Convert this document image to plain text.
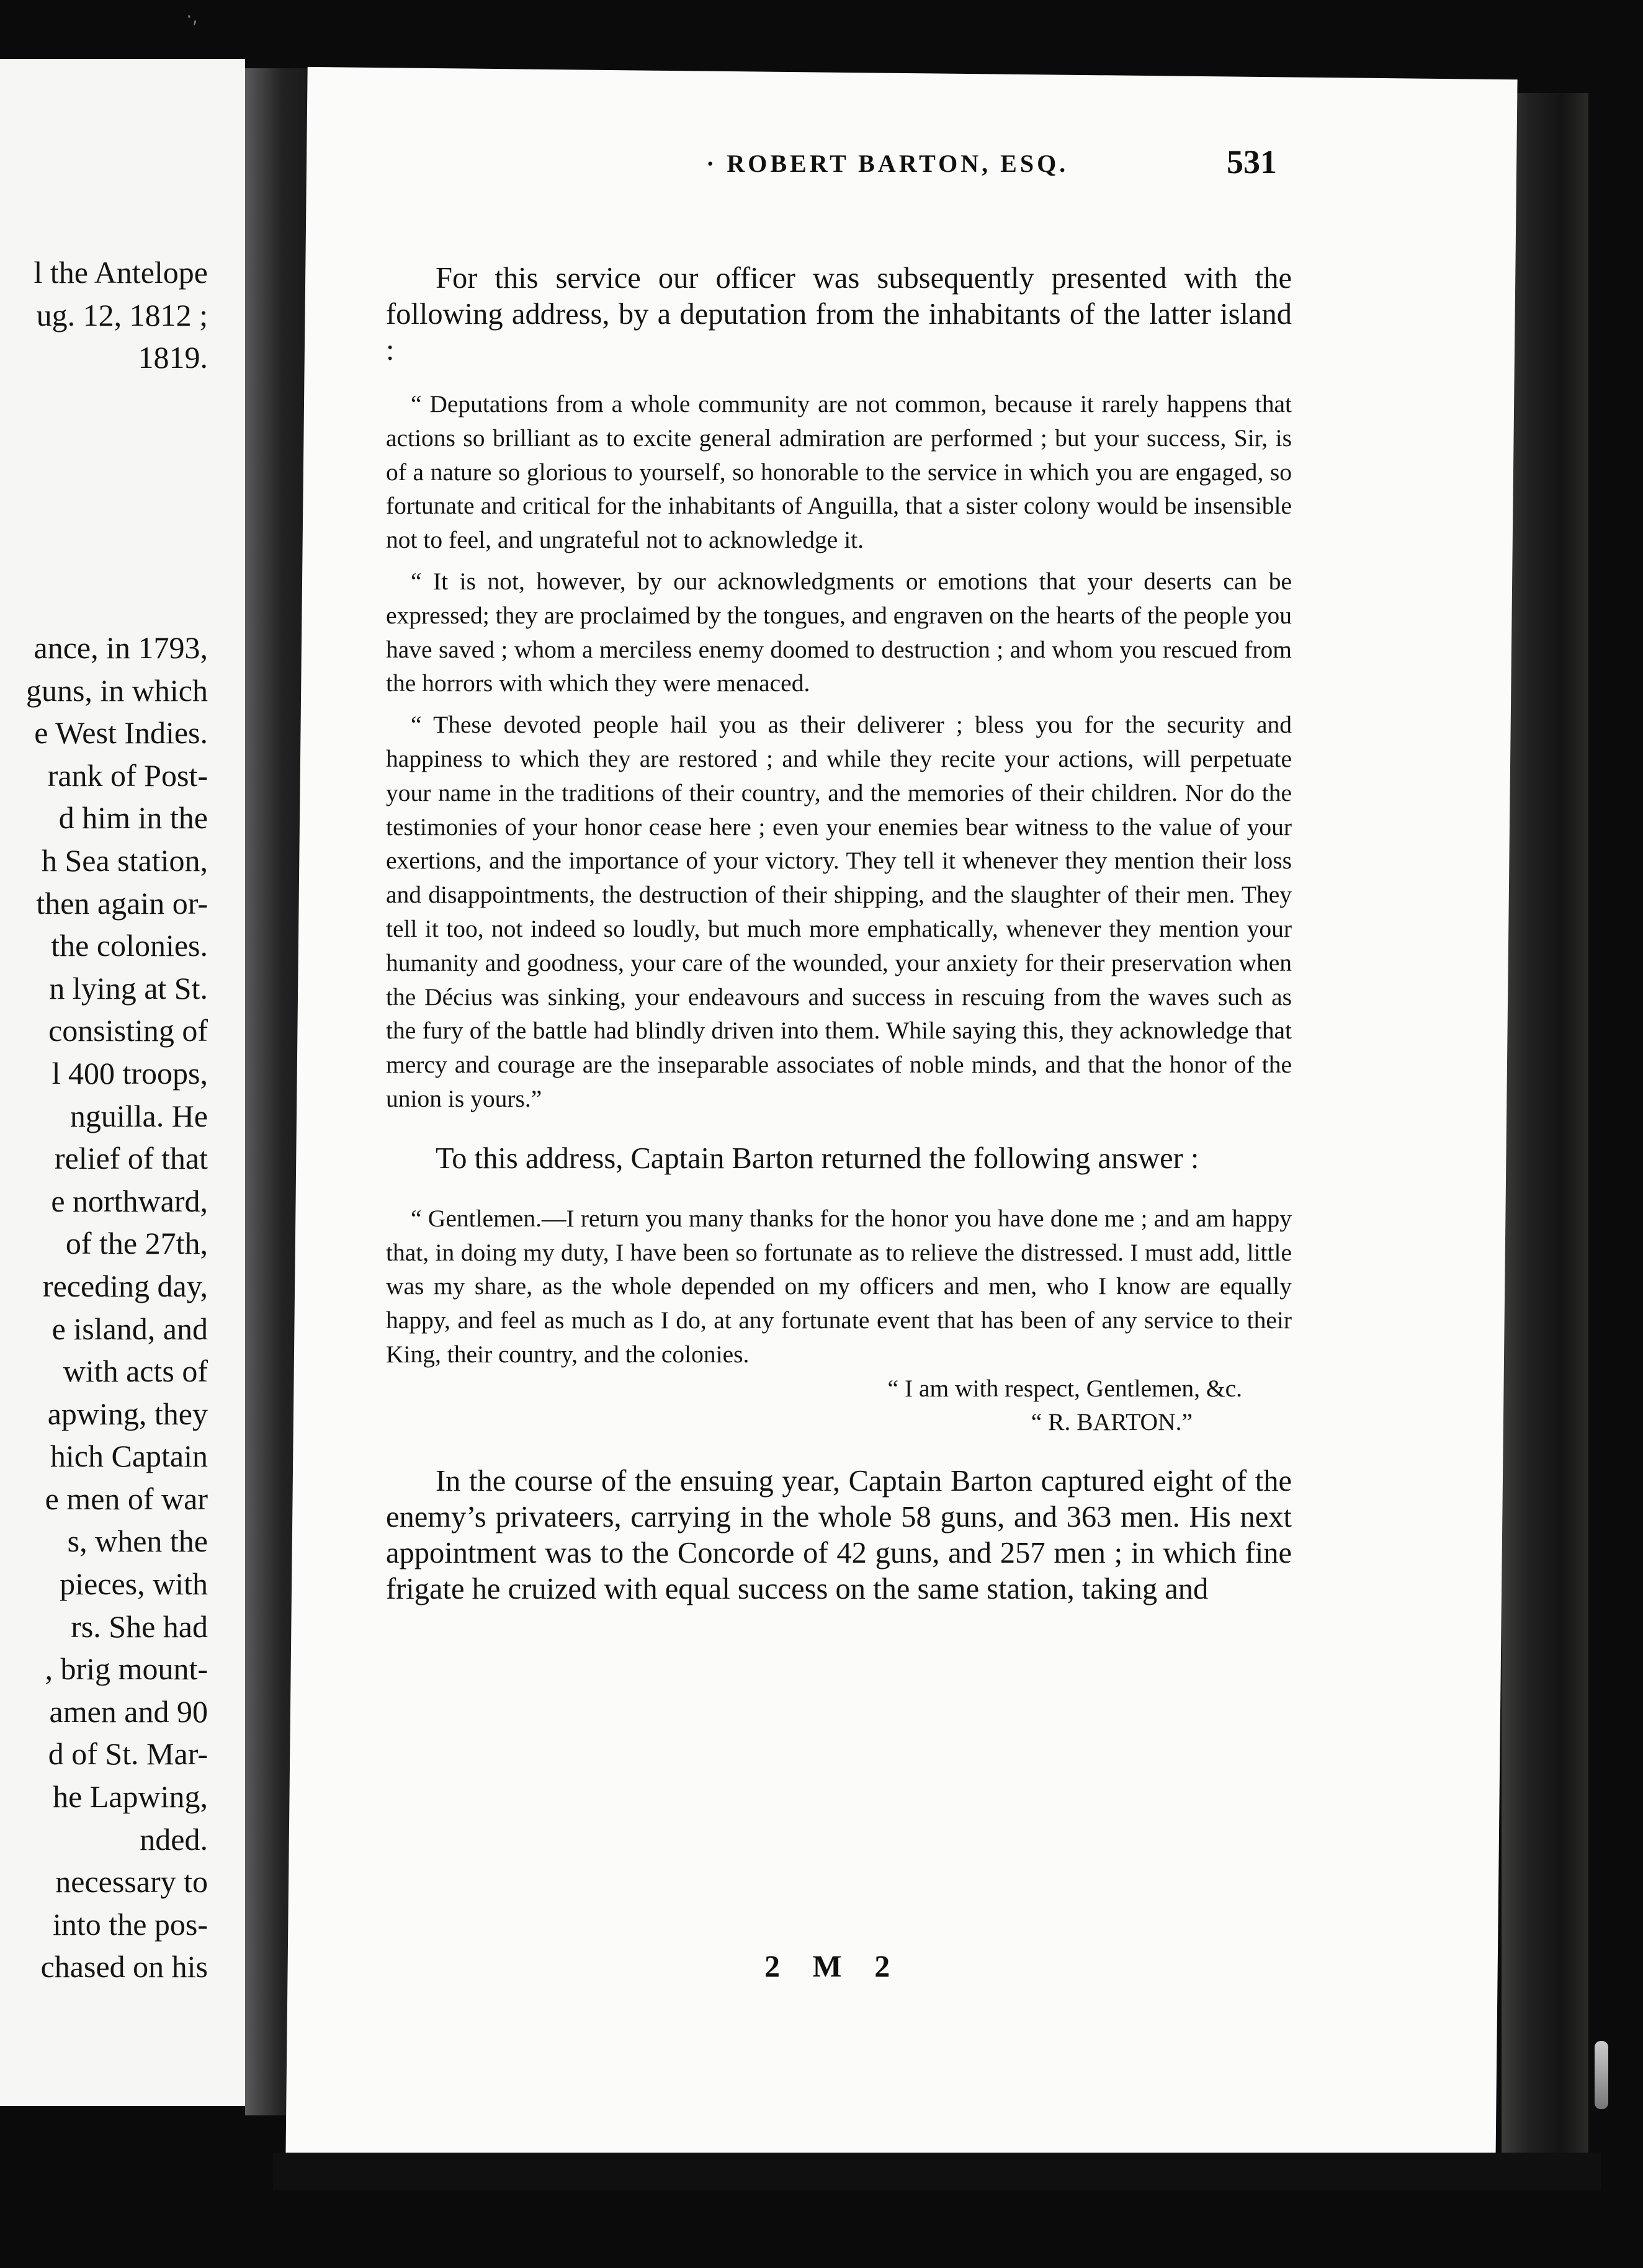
·,
l the Antelope
ug. 12, 1812 ;
1819.
ance, in 1793,
guns, in which
e West Indies.
rank of Post-
d him in the
h Sea station,
then again or-
the colonies.
n lying at St.
consisting of
l 400 troops,
nguilla. He
relief of that
e northward,
of the 27th,
receding day,
e island, and
with acts of
apwing, they
hich Captain
e men of war
s, when the
pieces, with
rs. She had
, brig mount-
amen and 90
d of St. Mar-
he Lapwing,
nded.
necessary to
into the pos-
chased on his
· ROBERT BARTON, ESQ.	531

For this service our officer was subsequently presented with the following address, by a deputation from the inhabitants of the latter island :

“ Deputations from a whole community are not common, because it rarely happens that actions so brilliant as to excite general admiration are performed ; but your success, Sir, is of a nature so glorious to yourself, so honorable to the service in which you are engaged, so fortunate and critical for the inhabitants of Anguilla, that a sister colony would be insensible not to feel, and ungrateful not to acknowledge it.

“ It is not, however, by our acknowledgments or emotions that your deserts can be expressed; they are proclaimed by the tongues, and engraven on the hearts of the people you have saved ; whom a merciless enemy doomed to destruction ; and whom you rescued from the horrors with which they were menaced.

“ These devoted people hail you as their deliverer ; bless you for the security and happiness to which they are restored ; and while they recite your actions, will perpetuate your name in the traditions of their country, and the memories of their children. Nor do the testimonies of your honor cease here ; even your enemies bear witness to the value of your exertions, and the importance of your victory. They tell it whenever they mention their loss and disappointments, the destruction of their shipping, and the slaughter of their men. They tell it too, not indeed so loudly, but much more emphatically, whenever they mention your humanity and goodness, your care of the wounded, your anxiety for their preservation when the Décius was sinking, your endeavours and success in rescuing from the waves such as the fury of the battle had blindly driven into them. While saying this, they acknowledge that mercy and courage are the inseparable associates of noble minds, and that the honor of the union is yours.”

To this address, Captain Barton returned the following answer :

“ Gentlemen.—I return you many thanks for the honor you have done me ; and am happy that, in doing my duty, I have been so fortunate as to relieve the distressed. I must add, little was my share, as the whole depended on my officers and men, who I know are equally happy, and feel as much as I do, at any fortunate event that has been of any service to their King, their country, and the colonies.

“ I am with respect, Gentlemen, &c.

“ R. BARTON.”

In the course of the ensuing year, Captain Barton captured eight of the enemy’s privateers, carrying in the whole 58 guns, and 363 men. His next appointment was to the Concorde of 42 guns, and 257 men ; in which fine frigate he cruized with equal success on the same station, taking and

2 M 2
